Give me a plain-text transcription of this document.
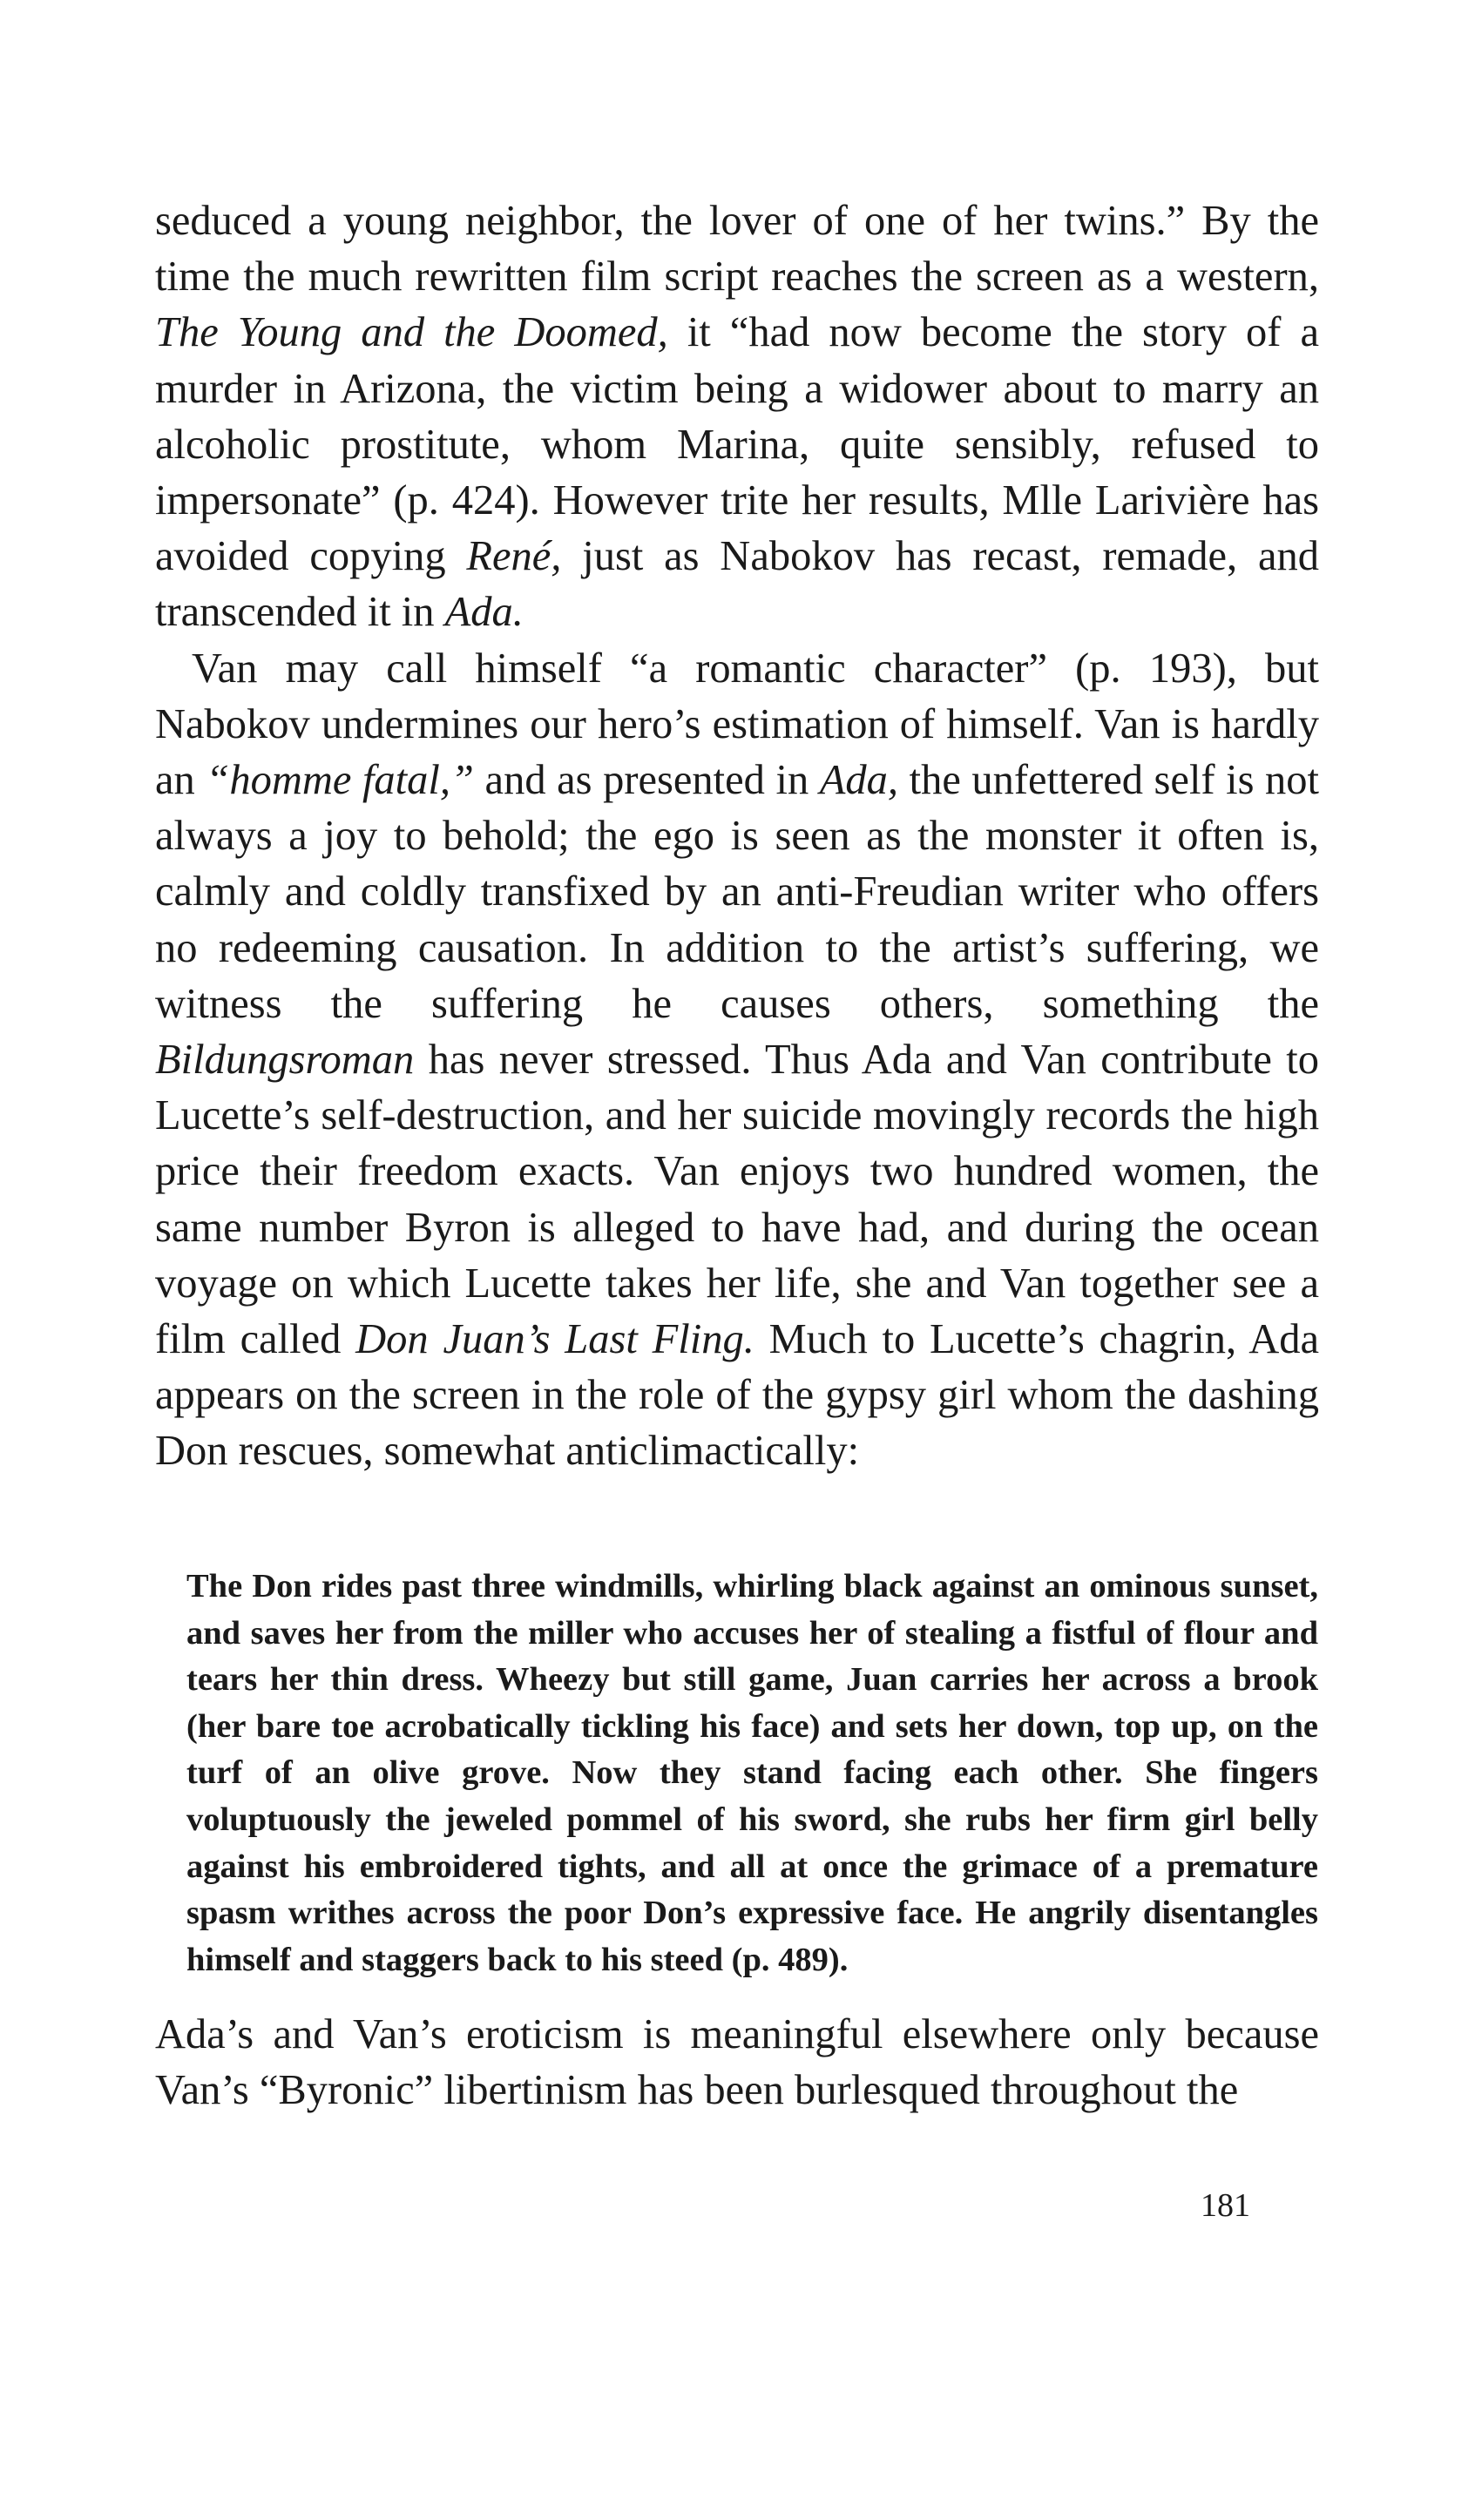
seduced a young neighbor, the lover of one of her twins.” By the time the much rewritten film script reaches the screen as a western, The Young and the Doomed, it “had now become the story of a murder in Arizona, the victim being a widower about to marry an alcoholic prostitute, whom Marina, quite sensibly, refused to impersonate” (p. 424). However trite her results, Mlle Larivière has avoided copying René, just as Nabokov has recast, remade, and transcended it in Ada.

Van may call himself “a romantic character” (p. 193), but Nabokov undermines our hero’s estimation of himself. Van is hardly an “homme fatal,” and as presented in Ada, the unfettered self is not always a joy to behold; the ego is seen as the monster it often is, calmly and coldly transfixed by an anti-Freudian writer who offers no redeeming causation. In addition to the artist’s suffering, we witness the suffering he causes others, something the Bildungsroman has never stressed. Thus Ada and Van contribute to Lucette’s self-destruction, and her suicide movingly records the high price their freedom exacts. Van enjoys two hundred women, the same number Byron is alleged to have had, and during the ocean voyage on which Lucette takes her life, she and Van together see a film called Don Juan’s Last Fling. Much to Lucette’s chagrin, Ada appears on the screen in the role of the gypsy girl whom the dashing Don rescues, somewhat anticlimactically:

The Don rides past three windmills, whirling black against an ominous sunset, and saves her from the miller who accuses her of stealing a fistful of flour and tears her thin dress. Wheezy but still game, Juan carries her across a brook (her bare toe acrobatically tickling his face) and sets her down, top up, on the turf of an olive grove. Now they stand facing each other. She fingers voluptuously the jeweled pommel of his sword, she rubs her firm girl belly against his embroidered tights, and all at once the grimace of a premature spasm writhes across the poor Don’s expressive face. He angrily disentangles himself and staggers back to his steed (p. 489).

Ada’s and Van’s eroticism is meaningful elsewhere only because Van’s “Byronic” libertinism has been burlesqued throughout the

181
